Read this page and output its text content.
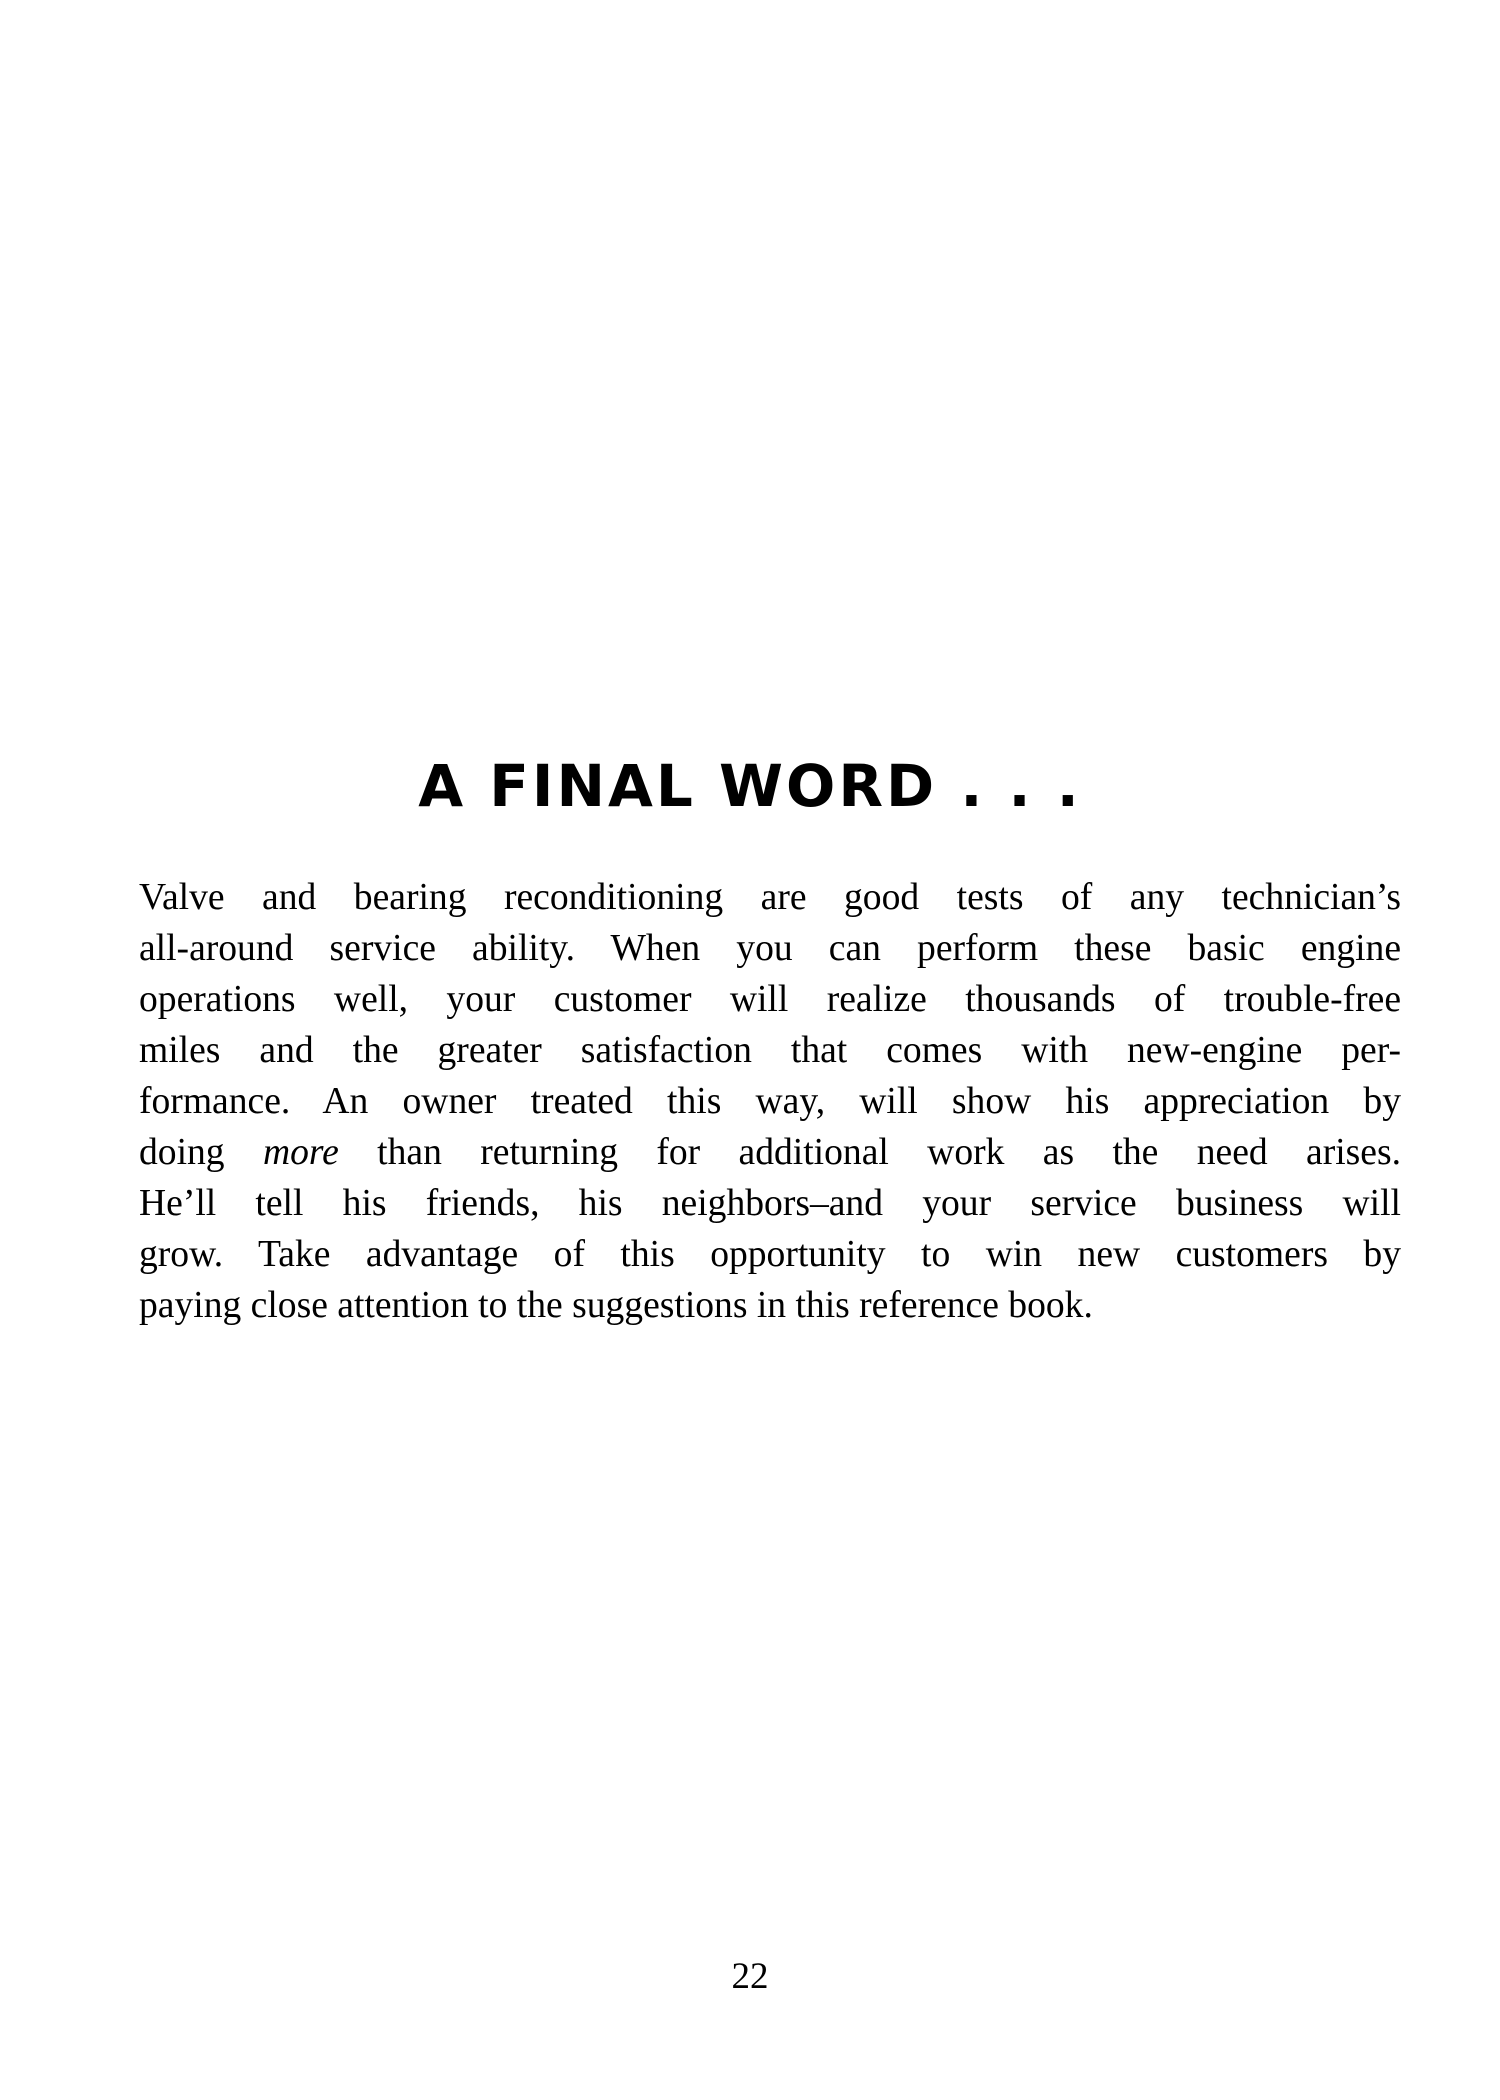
A FINAL WORD . . .
Valve and bearing reconditioning are good tests of any technician’s
all-around service ability. When you can perform these basic engine
operations well, your customer will realize thousands of trouble-free
miles and the greater satisfaction that comes with new-engine per-
formance. An owner treated this way, will show his appreciation by
doing more than returning for additional work as the need arises.
He’ll tell his friends, his neighbors–and your service business will
grow. Take advantage of this opportunity to win new customers by
paying close attention to the suggestions in this reference book.
22
